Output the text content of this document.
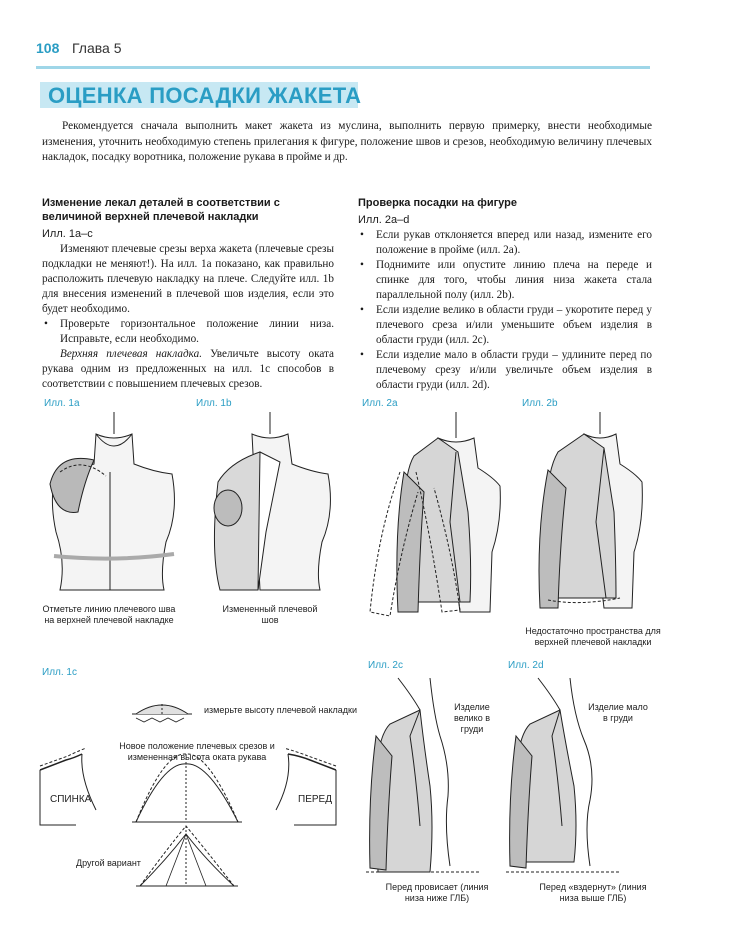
108 Глава 5
ОЦЕНКА ПОСАДКИ ЖАКЕТА
Рекомендуется сначала выполнить макет жакета из муслина, выполнить первую примерку, внести необходимые изменения, уточнить необходимую степень прилегания к фигуре, положение швов и срезов, необходимую величину плечевых накладок, посадку воротника, положение рукава в пройме и др.
Изменение лекал деталей в соответствии с величиной верхней плечевой накладки
Илл. 1а–с

Изменяют плечевые срезы верха жакета (плечевые срезы подкладки не меняют!). На илл. 1а показано, как правильно расположить плечевую накладку на плече. Следуйте илл. 1b для внесения изменений в плечевой шов изделия, если это будет необходимо.

• Проверьте горизонтальное положение линии низа. Исправьте, если необходимо.

Верхняя плечевая накладка. Увеличьте высоту оката рукава одним из предложенных на илл. 1с способов в соответствии с повышением плечевых срезов.

Проверка посадки на фигуре
Илл. 2а–d

• Если рукав отклоняется вперед или назад, измените его положение в пройме (илл. 2а).

• Поднимите или опустите линию плеча на переде и спинке для того, чтобы линия низа жакета стала параллельной полу (илл. 2b).

• Если изделие велико в области груди – укоротите перед у плечевого среза и/или уменьшите объем изделия в области груди (илл. 2с).

• Если изделие мало в области груди – удлините перед по плечевому срезу и/или увеличьте объем изделия в области груди (илл. 2d).

Илл. 1а	Илл. 1b	Илл. 2а	Илл. 2b
Илл. 1с
Илл. 2с	Илл. 2d
Отметьте линию плечевого шва на верхней плечевой накладке
Измененный плечевой шов
Недостаточно пространства для верхней плечевой накладки
измерьте высоту плечевой накладки
Новое положение плечевых срезов и измененная высота оката рукава
СПИНКА	ПЕРЕД
Другой вариант
Изделие велико в груди
Перед провисает (линия низа ниже ГЛБ)
Изделие мало в груди
Перед «вздернут» (линия низа выше ГЛБ)
